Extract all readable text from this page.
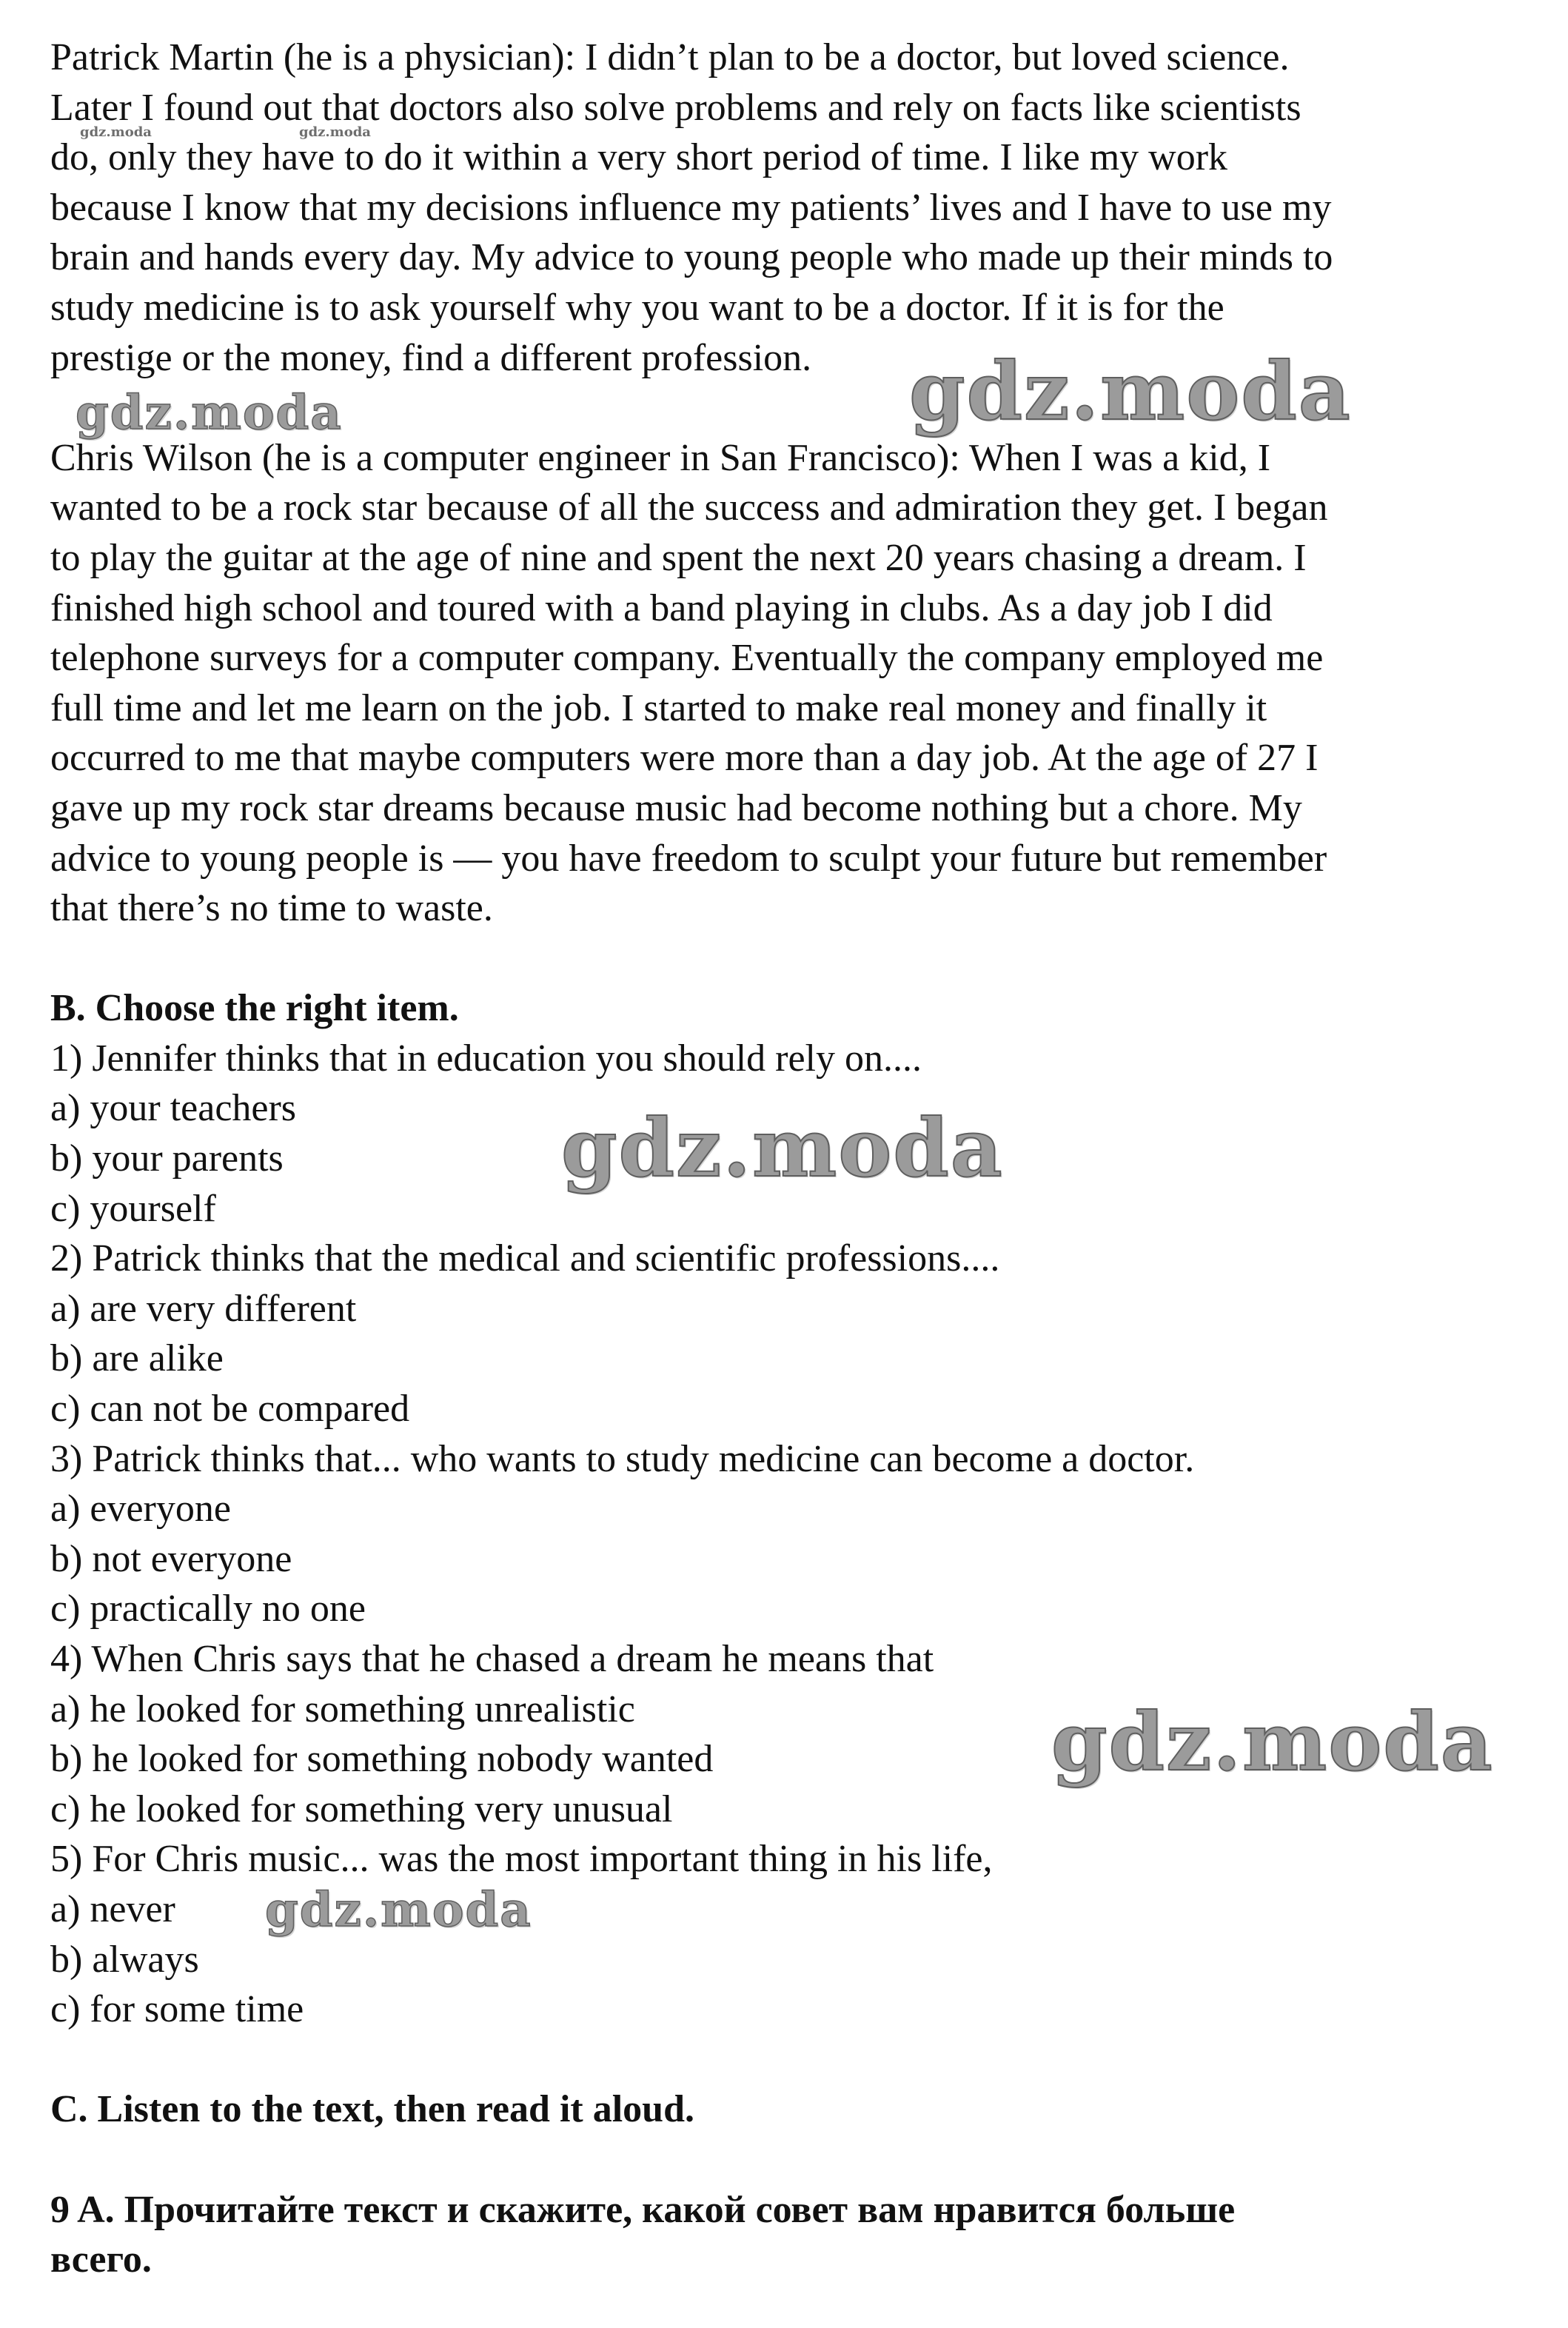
Patrick Martin (he is a physician): I didn’t plan to be a doctor, but loved science.
Later I found out that doctors also solve problems and rely on facts like scientists
do, only they have to do it within a very short period of time. I like my work
because I know that my decisions influence my patients’ lives and I have to use my
brain and hands every day. My advice to young people who made up their minds to
study medicine is to ask yourself why you want to be a doctor. If it is for the
prestige or the money, find a different profession.
Chris Wilson (he is a computer engineer in San Francisco): When I was a kid, I
wanted to be a rock star because of all the success and admiration they get. I began
to play the guitar at the age of nine and spent the next 20 years chasing a dream. I
finished high school and toured with a band playing in clubs. As a day job I did
telephone surveys for a computer company. Eventually the company employed me
full time and let me learn on the job. I started to make real money and finally it
occurred to me that maybe computers were more than a day job. At the age of 27 I
gave up my rock star dreams because music had become nothing but a chore. My
advice to young people is — you have freedom to sculpt your future but remember
that there’s no time to waste.
B. Choose the right item.
1) Jennifer thinks that in education you should rely on....
a) your teachers
b) your parents
c) yourself
2) Patrick thinks that the medical and scientific professions....
a) are very different
b) are alike
c) can not be compared
3) Patrick thinks that... who wants to study medicine can become a doctor.
a) everyone
b) not everyone
c) practically no one
4) When Chris says that he chased a dream he means that
a) he looked for something unrealistic
b) he looked for something nobody wanted
c) he looked for something very unusual
5) For Chris music... was the most important thing in his life,
a) never
b) always
c) for some time
C. Listen to the text, then read it aloud.
9 A. Прочитайте текст и скажите, какой совет вам нравится больше
всего.
gdz.moda	gdz.moda
gdz.moda
gdz.moda
gdz.moda
gdz.moda
gdz.moda
